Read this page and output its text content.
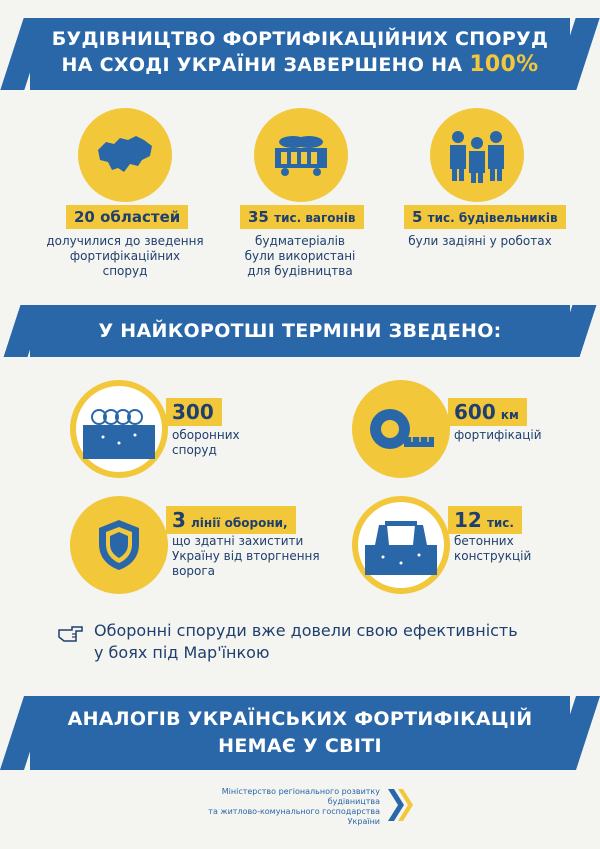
БУДІВНИЦТВО ФОРТИФІКАЦІЙНИХ СПОРУД
НА СХОДІ УКРАЇНИ ЗАВЕРШЕНО НА 100%
20 областей	35 тис. вагонів	5 тис. будівельників
долучилися до зведення
фортифікаційних
споруд
будматеріалів
були використані
для будівництва
були задіяні у роботах
У НАЙКОРОТШІ ТЕРМІНИ ЗВЕДЕНО:
300
оборонних
споруд
600 км
фортифікацій
3 лінії оборони,
що здатні захистити
Україну від вторгнення
ворога
12 тис.
бетонних
конструкцій
Оборонні споруди вже довели свою ефективність
у боях під Мар'їнкою
АНАЛОГІВ УКРАЇНСЬКИХ ФОРТИФІКАЦІЙ
НЕМАЄ У СВІТІ
Міністерство регіонального розвитку
будівництва
та житлово-комунального господарства
України
